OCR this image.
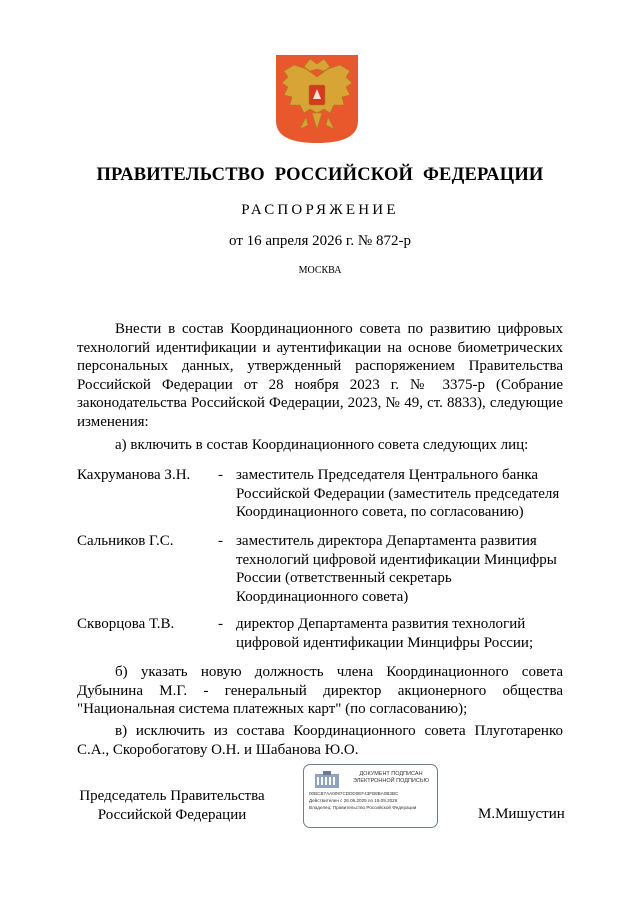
ПРАВИТЕЛЬСТВО РОССИЙСКОЙ ФЕДЕРАЦИИ
РАСПОРЯЖЕНИЕ
от 16 апреля 2026 г. № 872-р
МОСКВА
Внести в состав Координационного совета по развитию цифровых технологий идентификации и аутентификации на основе биометрических персональных данных, утвержденный распоряжением Правительства Российской Федерации от 28 ноября 2023 г. № 3375-р (Собрание законодательства Российской Федерации, 2023, № 49, ст. 8833), следующие изменения:
а) включить в состав Координационного совета следующих лиц:
Кахруманова З.Н. - заместитель Председателя Центрального банка Российской Федерации (заместитель председателя Координационного совета, по согласованию)
Сальников Г.С.	- заместитель директора Департамента развития технологий цифровой идентификации Минцифры России (ответственный секретарь Координационного совета)
Скворцова Т.В.	- директор Департамента развития технологий цифровой идентификации Минцифры России;
б) указать новую должность члена Координационного совета Дубынина М.Г. - генеральный директор акционерного общества "Национальная система платежных карт" (по согласованию);
в) исключить из состава Координационного совета Плуготаренко С.А., Скоробогатову О.Н. и Шабанова Ю.О.
Председатель Правительства Российской Федерации
ДОКУМЕНТ ПОДПИСАН ЭЛЕКТРОННОЙ ПОДПИСЬЮ
00BCB7AA0097CDDD0EF43FB8BA0B3BC
Действителен с 26.06.2025 по 19.09.2026
Владелец: Правительство Российской Федерации	М.Мишустин
